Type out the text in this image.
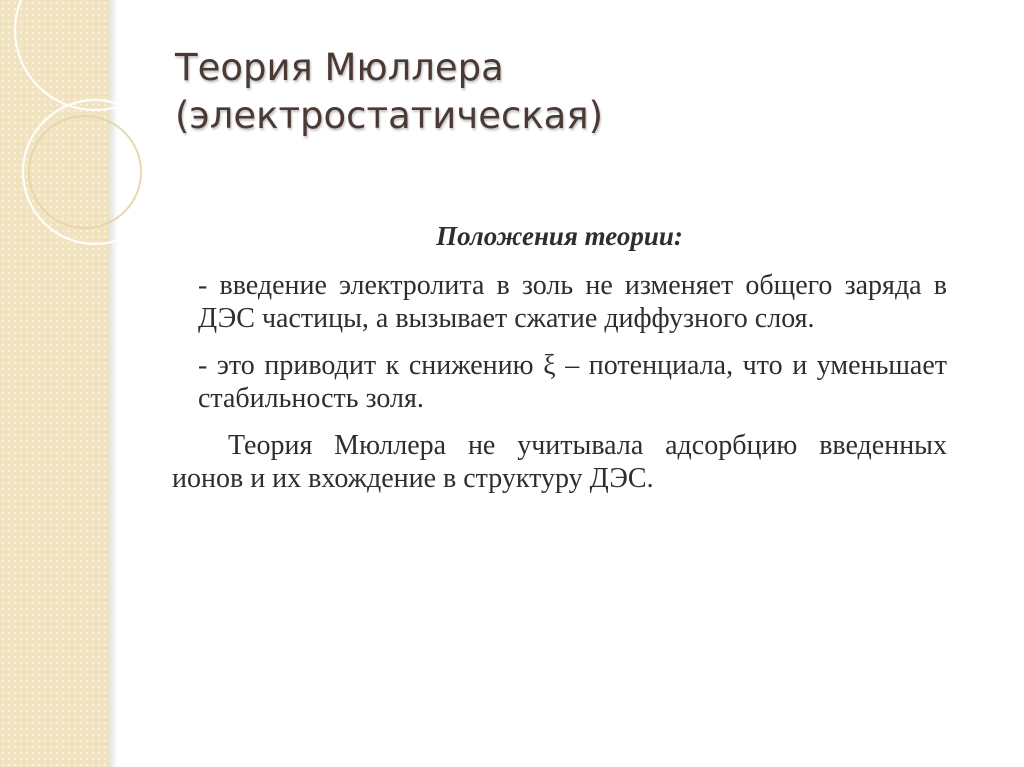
Теория Мюллера
(электростатическая)
Положения теории:

- введение электролита в золь не изменяет общего заряда в ДЭС частицы, а вызывает сжатие диффузного слоя.

- это приводит к снижению ξ – потенциала, что и уменьшает стабильность золя.

Теория Мюллера не учитывала адсорбцию введенных ионов и их вхождение в структуру ДЭС.
